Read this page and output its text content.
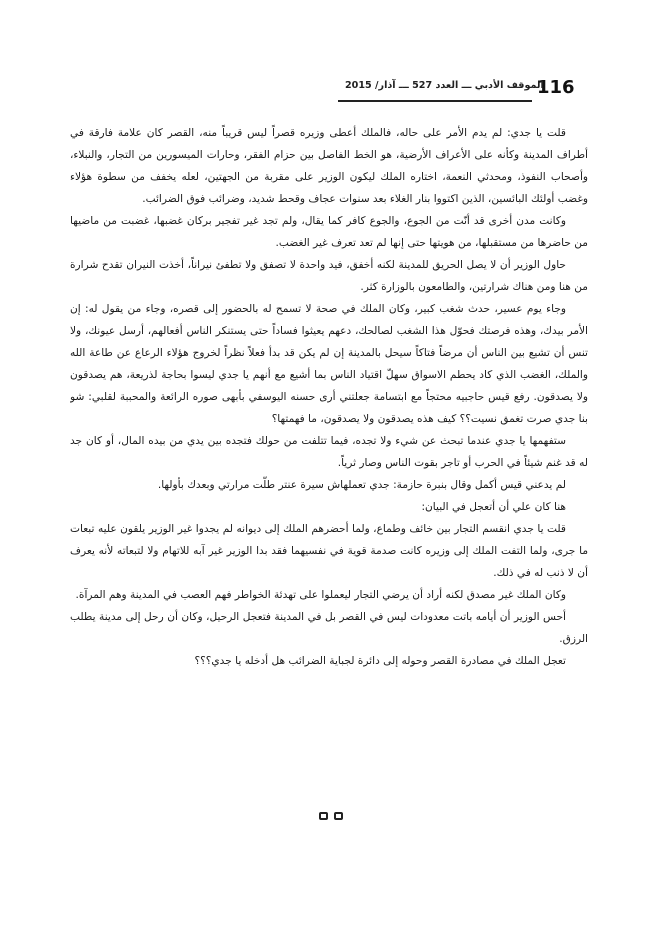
116
الموقف الأدبي ـــ العدد 527 ـــ آذار/ 2015

قلت يا جدي: لم يدم الأمر على حاله، فالملك أعطى وزيره قصراً ليس قريباً منه، القصر كان علامة فارقة في أطراف المدينة وكأنه على الأعراف الأرضية، هو الخط الفاصل بين حزام الفقر، وحارات الميسورين من التجار، والنبلاء، وأصحاب النفوذ، ومحدثي النعمة، اختاره الملك ليكون الوزير على مقربة من الجهتين، لعله يخفف من سطوة هؤلاء وغضب أولئك البائسين، الذين اكتووا بنار الغلاء بعد سنوات عجاف وقحط شديد، وضرائب فوق الضرائب.

وكانت مدن أخرى قد أنّت من الجوع، والجوع كافر كما يقال، ولم تجد غير تفجير بركان غضبها، غضبت من ماضيها من حاضرها من مستقبلها، من هويتها حتى إنها لم تعد تعرف غير الغضب.

حاول الوزير أن لا يصل الحريق للمدينة لكنه أخفق، فيد واحدة لا تصفق ولا تطفئ نيراناً، أخذت النيران تقدح شرارة من هنا ومن هناك شرارتين، والطامعون بالوزارة كثر.

وجاء يوم عسير، حدث شغب كبير، وكان الملك في صحة لا تسمح له بالحضور إلى قصره، وجاء من يقول له: إن الأمر بيدك، وهذه فرصتك فحوّل هذا الشغب لصالحك، دعهم يعيثوا فساداً حتى يستنكر الناس أفعالهم، أرسل عيونك، ولا تنس أن تشيع بين الناس أن مرضاً فتاكاً سيحل بالمدينة إن لم يكن قد بدأ فعلاً نظراً لخروج هؤلاء الرعاع عن طاعة الله والملك، الغضب الذي كاد يحطم الاسواق سهلّ اقتياد الناس بما أشيع مع أنهم يا جدي ليسوا بحاجة لذريعة، هم يصدقون ولا يصدقون. رفع قيس حاجبيه محتجاً مع ابتسامة جعلتني أرى حسنه اليوسفي بأبهى صوره الرائعة والمحببة لقلبي: شو بنا جدي صرت تغمق نسيت؟؟ كيف هذه يصدقون ولا يصدقون، ما فهمتها؟

ستفهمها يا جدي عندما تبحث عن شيء ولا تجده، فيما تتلفت من حولك فتجده بين يدي من بيده المال، أو كان جد له قد غنم شيئاً في الحرب أو تاجر بقوت الناس وصار ثرياً.

لم يدعني قيس أكمل وقال بنبرة حازمة: جدي تعملهاش سيرة عنتر طلّت مرارتي وبعدك بأولها.

هنا كان علي أن أتعجل في البيان:

قلت يا جدي انقسم التجار بين خائف وطماع، ولما أحضرهم الملك إلى ديوانه لم يجدوا غير الوزير يلقون عليه تبعات ما جرى، ولما التفت الملك إلى وزيره كانت صدمة قوية في نفسيهما فقد بدا الوزير غير آبه للاتهام ولا لتبعاته لأنه يعرف أن لا ذنب له في ذلك.

وكان الملك غير مصدق لكنه أراد أن يرضي التجار ليعملوا على تهدئة الخواطر فهم العصب في المدينة وهم المرآة.

أحس الوزير أن أيامه باتت معدودات ليس في القصر بل في المدينة فتعجل الرحيل، وكان أن رحل إلى مدينة يطلب الرزق.

تعجل الملك في مصادرة القصر وحوله إلى دائرة لجباية الضرائب هل أدخله يا جدي؟؟؟
